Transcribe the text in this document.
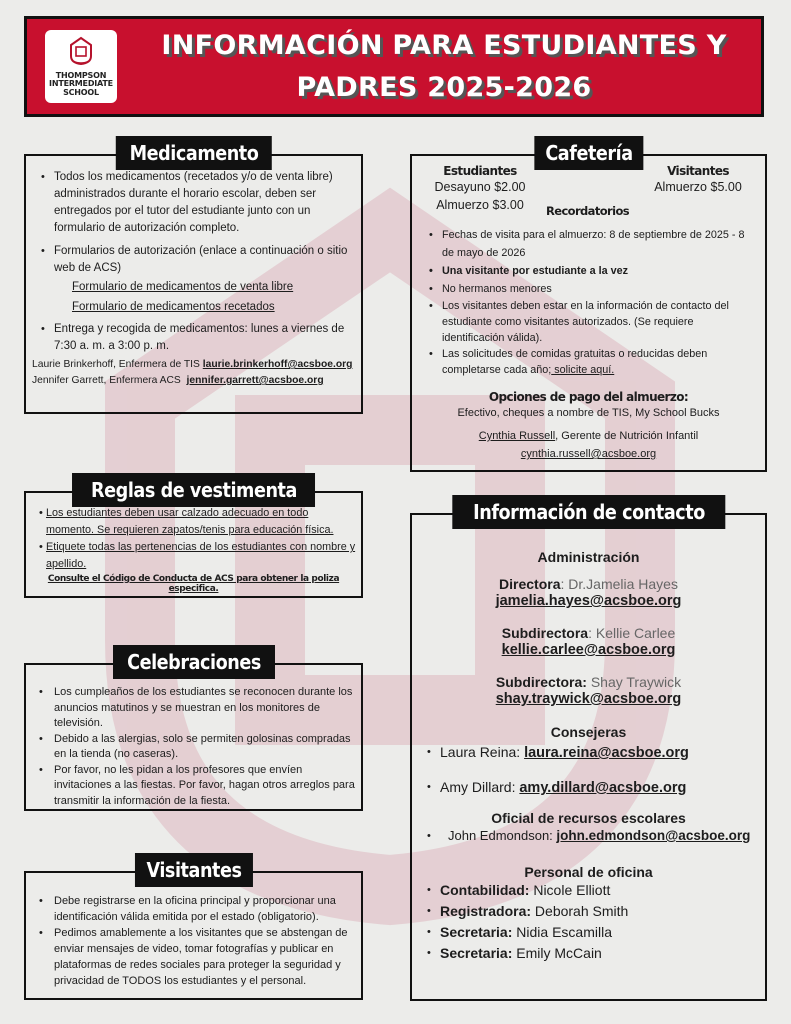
THOMPSON
INTERMEDIATE
SCHOOL
INFORMACIÓN PARA ESTUDIANTES Y
PADRES 2025-2026
Medicamento
• Todos los medicamentos (recetados y/o de venta libre) administrados durante el horario escolar, deben ser entregados por el tutor del estudiante junto con un formulario de autorización completo.
• Formularios de autorización (enlace a continuación o sitio web de ACS)
Formulario de medicamentos de venta libre
Formulario de medicamentos recetados
• Entrega y recogida de medicamentos: lunes a viernes de 7:30 a. m. a 3:00 p. m.
Laurie Brinkerhoff, Enfermera de TIS laurie.brinkerhoff@acsboe.org
Jennifer Garrett, Enfermera ACS jennifer.garrett@acsboe.org
Cafetería
Estudiantes
Desayuno $2.00
Almuerzo $3.00
Visitantes
Almuerzo $5.00
Recordatorios
• Fechas de visita para el almuerzo: 8 de septiembre de 2025 - 8 de mayo de 2026
• Una visitante por estudiante a la vez
• No hermanos menores
• Los visitantes deben estar en la información de contacto del estudiante como visitantes autorizados. (Se requiere identificación válida).
• Las solicitudes de comidas gratuitas o reducidas deben completarse cada año; solicite aquí.
Opciones de pago del almuerzo:
Efectivo, cheques a nombre de TIS, My School Bucks
Cynthia Russell, Gerente de Nutrición Infantil
cynthia.russell@acsboe.org
Reglas de vestimenta
• Los estudiantes deben usar calzado adecuado en todo momento. Se requieren zapatos/tenis para educación física.
• Etiquete todas las pertenencias de los estudiantes con nombre y apellido.
Consulte el Código de Conducta de ACS para obtener la poliza especifica.
Celebraciones
• Los cumpleaños de los estudiantes se reconocen durante los anuncios matutinos y se muestran en los monitores de televisión.
• Debido a las alergias, solo se permiten golosinas compradas en la tienda (no caseras).
• Por favor, no les pidan a los profesores que envíen invitaciones a las fiestas. Por favor, hagan otros arreglos para transmitir la información de la fiesta.
Visitantes
• Debe registrarse en la oficina principal y proporcionar una identificación válida emitida por el estado (obligatorio).
• Pedimos amablemente a los visitantes que se abstengan de enviar mensajes de video, tomar fotografías y publicar en plataformas de redes sociales para proteger la seguridad y privacidad de TODOS los estudiantes y el personal.
Información de contacto
Administración
Directora: Dr.Jamelia Hayes
jamelia.hayes@acsboe.org
Subdirectora: Kellie Carlee
kellie.carlee@acsboe.org
Subdirectora: Shay Traywick
shay.traywick@acsboe.org
Consejeras
• Laura Reina: laura.reina@acsboe.org
• Amy Dillard: amy.dillard@acsboe.org
Oficial de recursos escolares
• John Edmondson: john.edmondson@acsboe.org
Personal de oficina
• Contabilidad: Nicole Elliott
• Registradora: Deborah Smith
• Secretaria: Nidia Escamilla
• Secretaria: Emily McCain
